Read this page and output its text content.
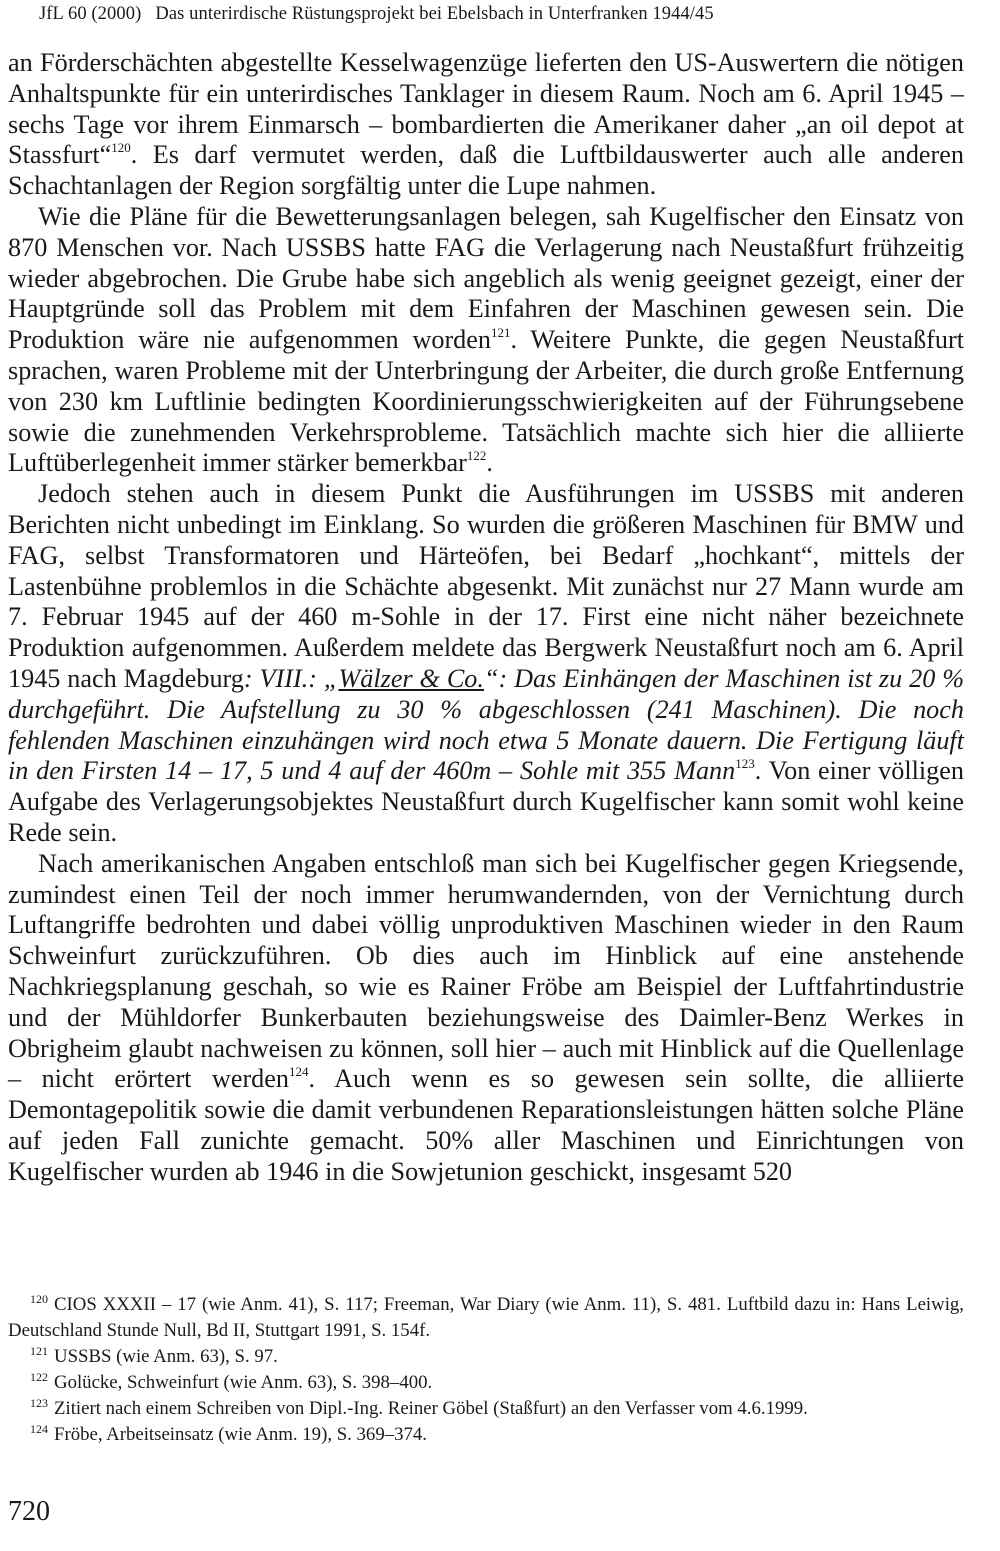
JfL 60 (2000) Das unterirdische Rüstungsprojekt bei Ebelsbach in Unterfranken 1944/45

an Förderschächten abgestellte Kesselwagenzüge lieferten den US-Auswertern die nötigen Anhaltspunkte für ein unterirdisches Tanklager in diesem Raum. Noch am 6. April 1945 – sechs Tage vor ihrem Einmarsch – bombardierten die Amerikaner daher „an oil depot at Stassfurt“$^{120}$. Es darf vermutet werden, daß die Luftbildauswerter auch alle anderen Schachtanlagen der Region sorgfältig unter die Lupe nahmen.

Wie die Pläne für die Bewetterungsanlagen belegen, sah Kugelfischer den Einsatz von 870 Menschen vor. Nach USSBS hatte FAG die Verlagerung nach Neustaßfurt frühzeitig wieder abgebrochen. Die Grube habe sich angeblich als wenig geeignet gezeigt, einer der Hauptgründe soll das Problem mit dem Einfahren der Maschinen gewesen sein. Die Produktion wäre nie aufgenommen worden$^{121}$. Weitere Punkte, die gegen Neustaßfurt sprachen, waren Probleme mit der Unterbringung der Arbeiter, die durch große Entfernung von 230 km Luftlinie bedingten Koordinierungsschwierigkeiten auf der Führungsebene sowie die zunehmenden Verkehrsprobleme. Tatsächlich machte sich hier die alliierte Luftüberlegenheit immer stärker bemerkbar$^{122}$.

Jedoch stehen auch in diesem Punkt die Ausführungen im USSBS mit anderen Berichten nicht unbedingt im Einklang. So wurden die größeren Maschinen für BMW und FAG, selbst Transformatoren und Härteöfen, bei Bedarf „hochkant“, mittels der Lastenbühne problemlos in die Schächte abgesenkt. Mit zunächst nur 27 Mann wurde am 7. Februar 1945 auf der 460 m-Sohle in der 17. First eine nicht näher bezeichnete Produktion aufgenommen. Außerdem meldete das Bergwerk Neustaßfurt noch am 6. April 1945 nach Magdeburg: VIII.: „Wälzer & Co.“: Das Einhängen der Maschinen ist zu 20 % durchgeführt. Die Aufstellung zu 30 % abgeschlossen (241 Maschinen). Die noch fehlenden Maschinen einzuhängen wird noch etwa 5 Monate dauern. Die Fertigung läuft in den Firsten 14 – 17, 5 und 4 auf der 460m – Sohle mit 355 Mann$^{123}$. Von einer völligen Aufgabe des Verlagerungsobjektes Neustaßfurt durch Kugelfischer kann somit wohl keine Rede sein.

Nach amerikanischen Angaben entschloß man sich bei Kugelfischer gegen Kriegsende, zumindest einen Teil der noch immer herumwandernden, von der Vernichtung durch Luftangriffe bedrohten und dabei völlig unproduktiven Maschinen wieder in den Raum Schweinfurt zurückzuführen. Ob dies auch im Hinblick auf eine anstehende Nachkriegsplanung geschah, so wie es Rainer Fröbe am Beispiel der Luftfahrtindustrie und der Mühldorfer Bunkerbauten beziehungsweise des Daimler-Benz Werkes in Obrigheim glaubt nachweisen zu können, soll hier – auch mit Hinblick auf die Quellenlage – nicht erörtert werden$^{124}$. Auch wenn es so gewesen sein sollte, die alliierte Demontagepolitik sowie die damit verbundenen Reparationsleistungen hätten solche Pläne auf jeden Fall zunichte gemacht. 50% aller Maschinen und Einrichtungen von Kugelfischer wurden ab 1946 in die Sowjetunion geschickt, insgesamt 520

$^{120}$ CIOS XXXII – 17 (wie Anm. 41), S. 117; Freeman, War Diary (wie Anm. 11), S. 481. Luftbild dazu in: Hans Leiwig, Deutschland Stunde Null, Bd II, Stuttgart 1991, S. 154f.

$^{121}$ USSBS (wie Anm. 63), S. 97.

$^{122}$ Golücke, Schweinfurt (wie Anm. 63), S. 398–400.

$^{123}$ Zitiert nach einem Schreiben von Dipl.-Ing. Reiner Göbel (Staßfurt) an den Verfasser vom 4.6.1999.

$^{124}$ Fröbe, Arbeitseinsatz (wie Anm. 19), S. 369–374.

720
